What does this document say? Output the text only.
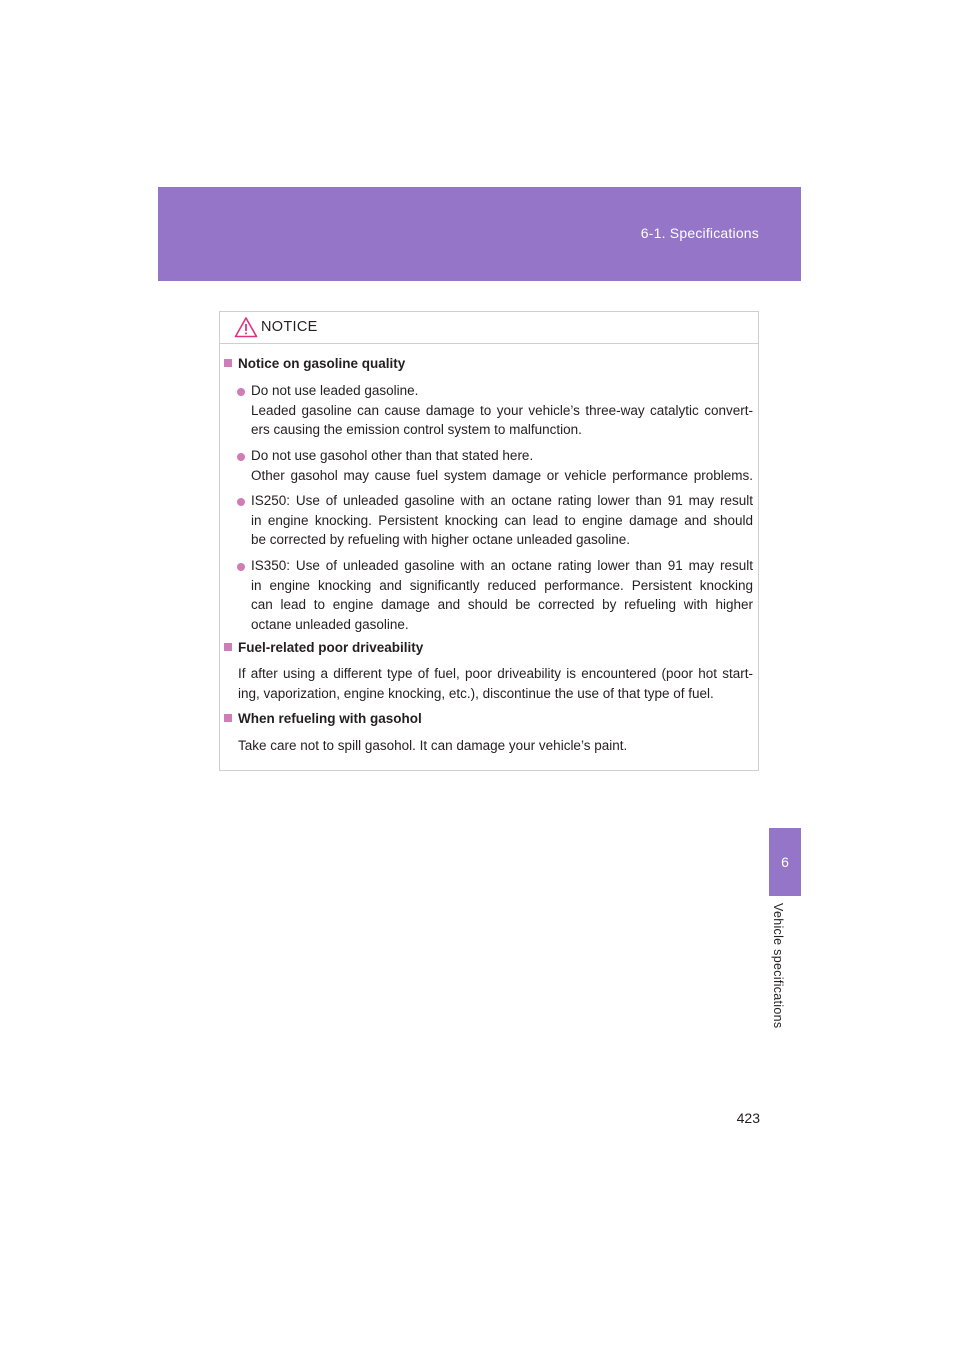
6-1. Specifications
6
Vehicle specifications
NOTICE
Notice on gasoline quality
Do not use leaded gasoline.
Leaded gasoline can cause damage to your vehicle’s three-way catalytic convert-
ers causing the emission control system to malfunction.
Do not use gasohol other than that stated here.
Other gasohol may cause fuel system damage or vehicle performance problems.
IS250: Use of unleaded gasoline with an octane rating lower than 91 may result
in engine knocking. Persistent knocking can lead to engine damage and should
be corrected by refueling with higher octane unleaded gasoline.
IS350: Use of unleaded gasoline with an octane rating lower than 91 may result
in engine knocking and significantly reduced performance. Persistent knocking
can lead to engine damage and should be corrected by refueling with higher
octane unleaded gasoline.
Fuel-related poor driveability
If after using a different type of fuel, poor driveability is encountered (poor hot start-
ing, vaporization, engine knocking, etc.), discontinue the use of that type of fuel.
When refueling with gasohol
Take care not to spill gasohol. It can damage your vehicle’s paint.
423
